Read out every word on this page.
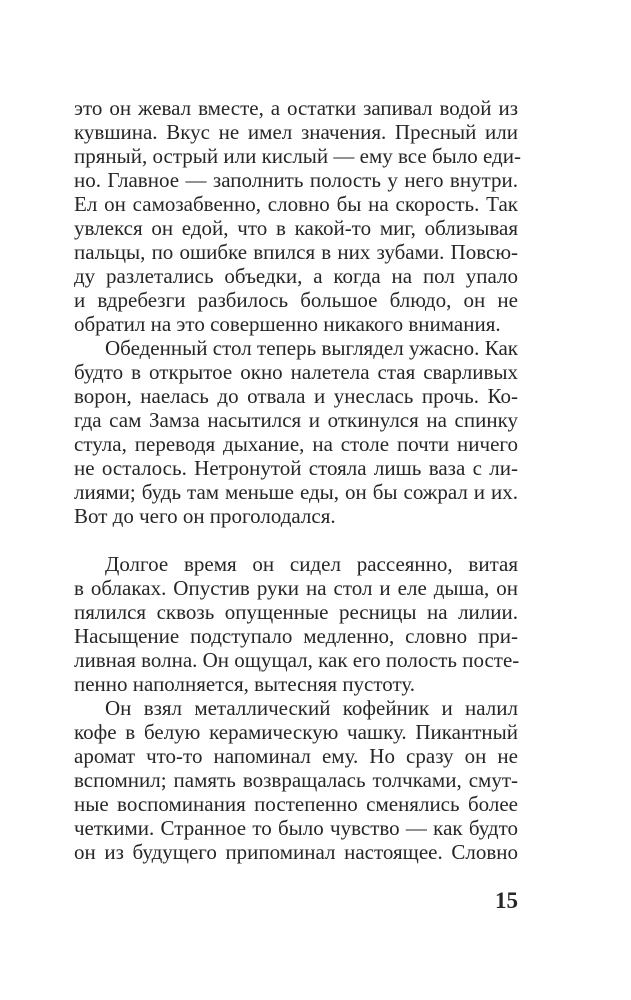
это он жевал вместе, а остатки запивал водой из
кувшина. Вкус не имел значения. Пресный или
пряный, острый или кислый — ему все было еди-
но. Главное — заполнить полость у него внутри.
Ел он самозабвенно, словно бы на скорость. Так
увлекся он едой, что в какой-то миг, облизывая
пальцы, по ошибке впился в них зубами. Повсю-
ду разлетались объедки, а когда на пол упало
и вдребезги разбилось большое блюдо, он не
обратил на это совершенно никакого внимания.
Обеденный стол теперь выглядел ужасно. Как
будто в открытое окно налетела стая сварливых
ворон, наелась до отвала и унеслась прочь. Ко-
гда сам Замза насытился и откинулся на спинку
стула, переводя дыхание, на столе почти ничего
не осталось. Нетронутой стояла лишь ваза с ли-
лиями; будь там меньше еды, он бы сожрал и их.
Вот до чего он проголодался.
Долгое время он сидел рассеянно, витая
в облаках. Опустив руки на стол и еле дыша, он
пялился сквозь опущенные ресницы на лилии.
Насыщение подступало медленно, словно при-
ливная волна. Он ощущал, как его полость посте-
пенно наполняется, вытесняя пустоту.
Он взял металлический кофейник и налил
кофе в белую керамическую чашку. Пикантный
аромат что-то напоминал ему. Но сразу он не
вспомнил; память возвращалась толчками, смут-
ные воспоминания постепенно сменялись более
четкими. Странное то было чувство — как будто
он из будущего припоминал настоящее. Словно
15
